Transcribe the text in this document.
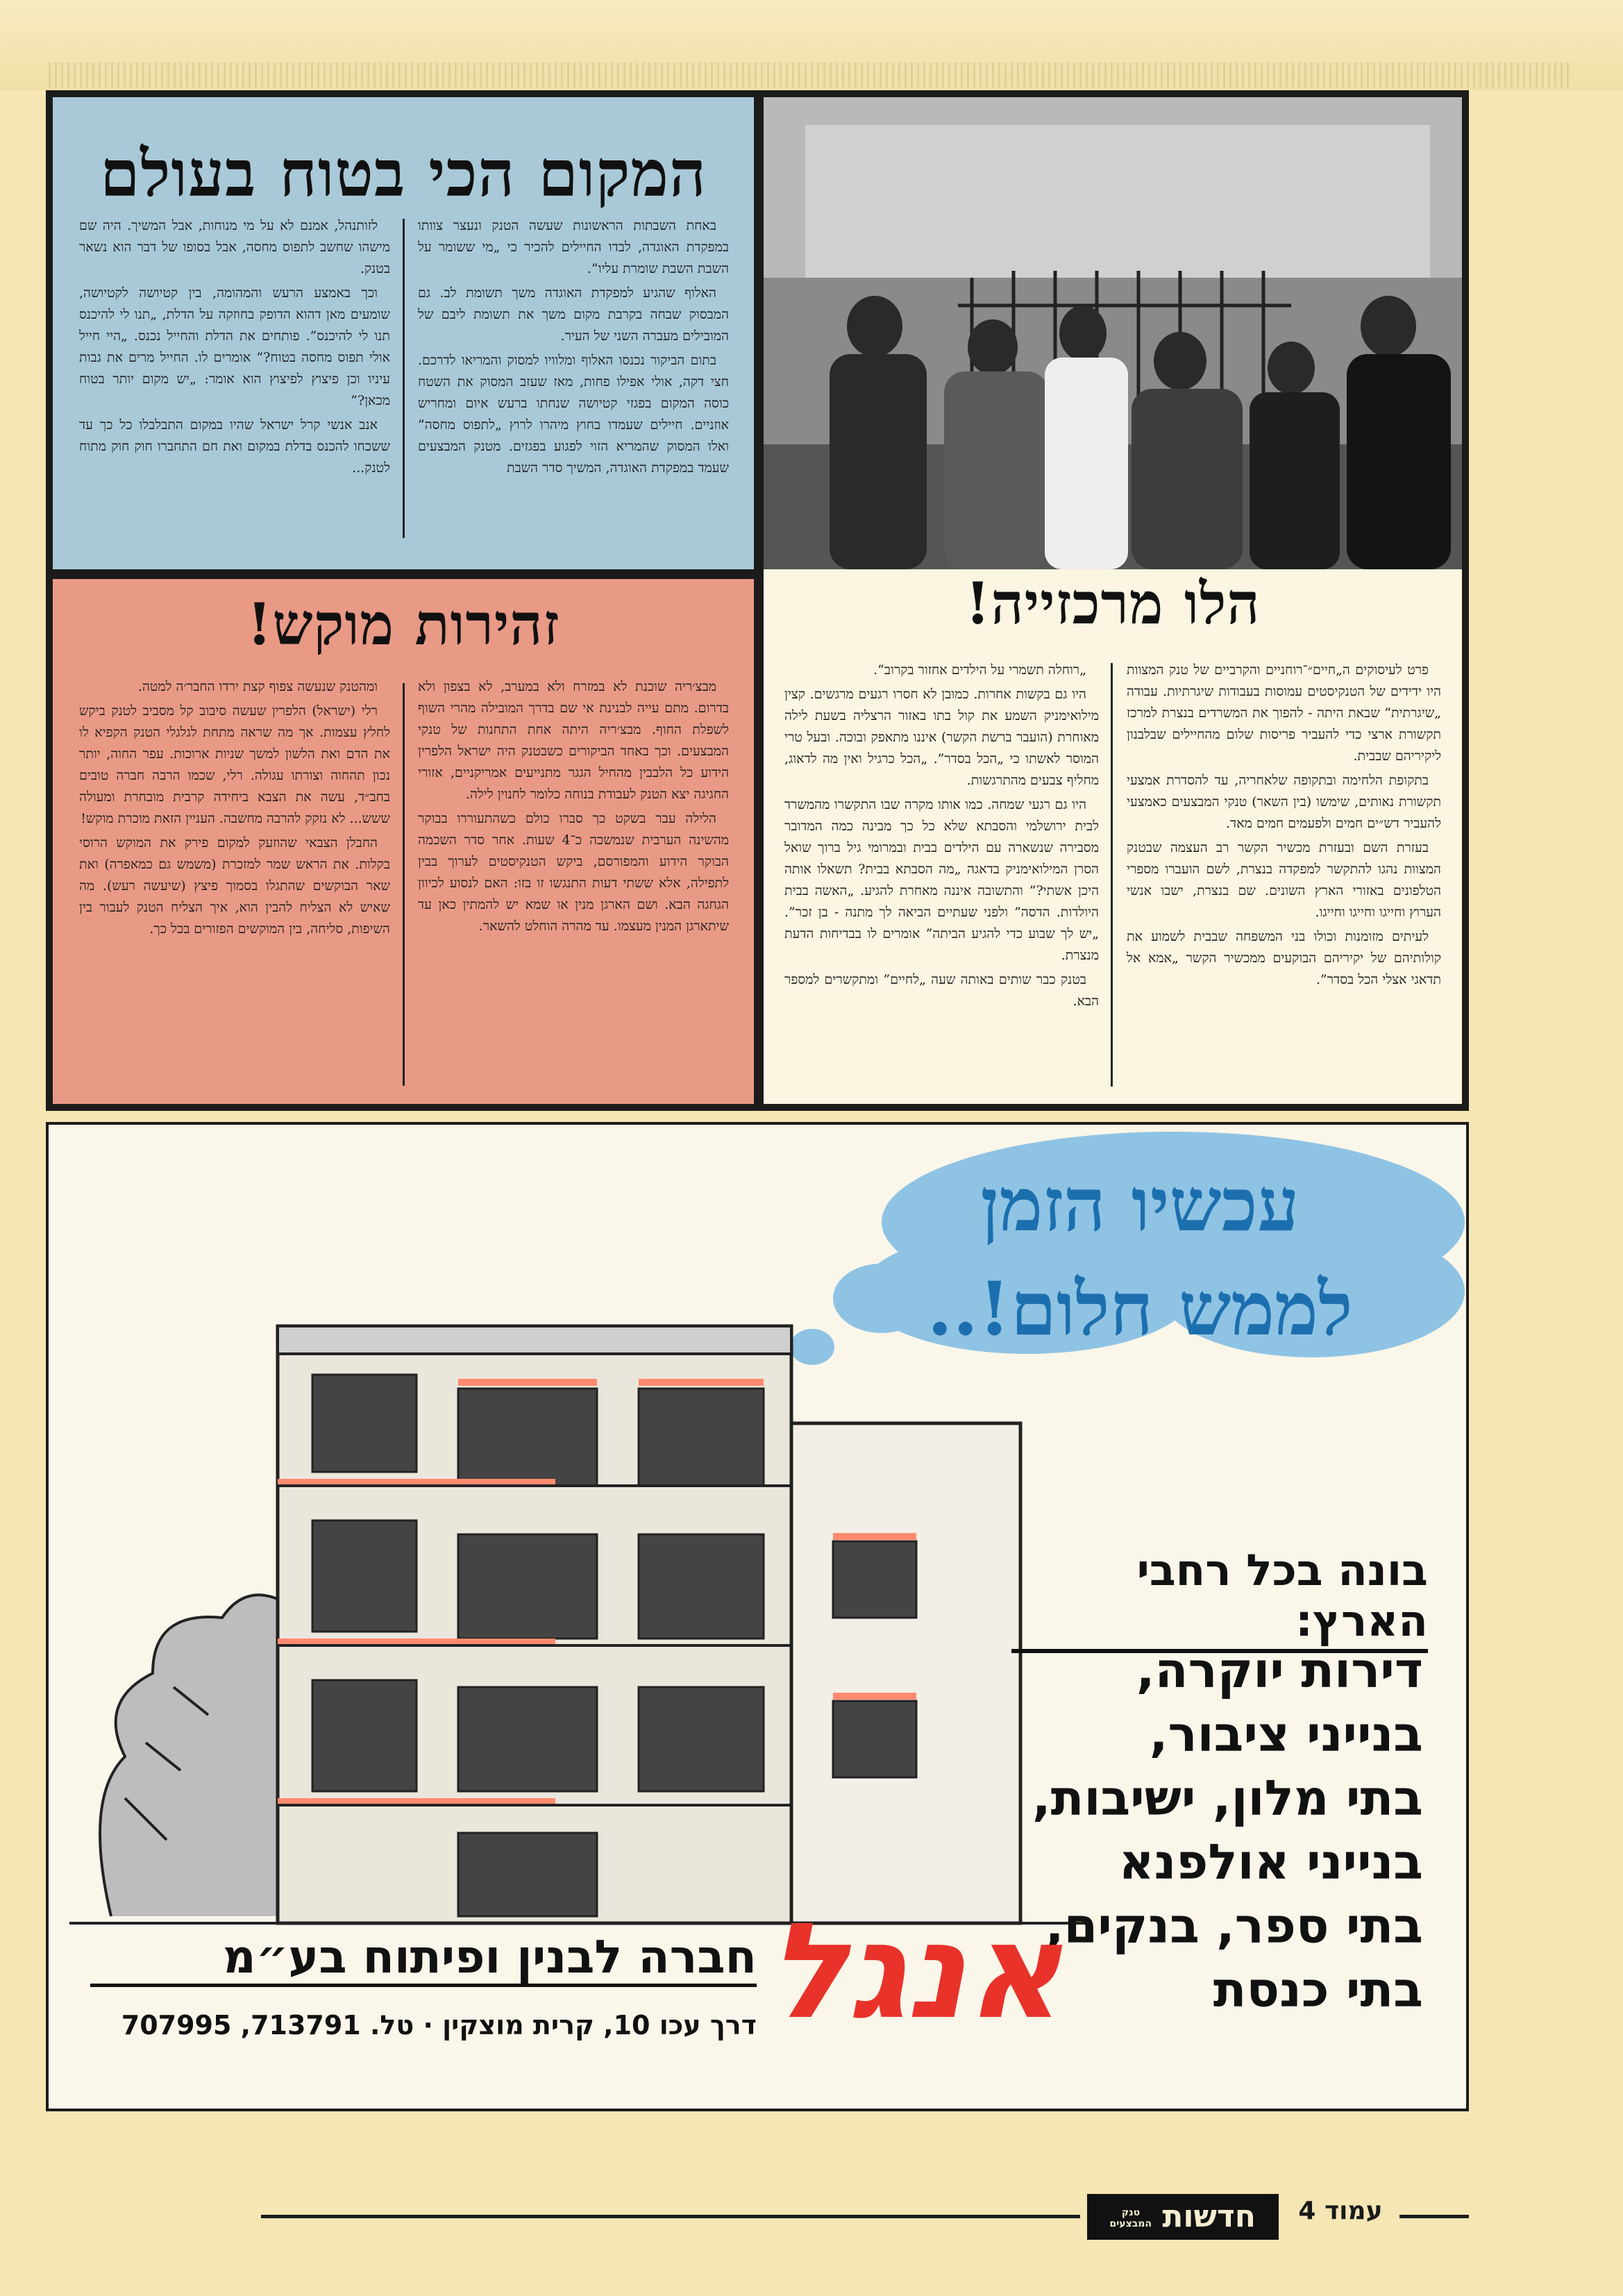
המקום הכי בטוח בעולם

באחת השבתות הראשונות שעשה הטנק ונעצר צוותו במפקדת האוגדה, לבדו החיילים להכיר כי „מי ששומר על השבת השבת שומרת עליו”.

האלוף שהגיע למפקדת האוגדה משך תשומת לב. גם המבסוק שבחה בקרבת מקום משך את תשומת ליבם של המובילים מעברה השני של העיר.

בתום הביקור נכנסו האלוף ומלוויו למסוק והמריאו לדרכם. חצי דקה, אולי אפילו פחות, מאז שעזב המסוק את השטח כוסה המקום בפגזי קטיושה שנחתו ברעש איום ומחריש אוזניים. חיילים שעמדו בחוץ מיהרו לרוץ „לתפוס מחסה” ואלו המסוק שהמריא הזוי לפגוע בפגזים. מטנק המבצעים שעמד במפקדת האוגדה, המשיך סדר השבת

לזותנהל, אמנם לא על מי מנוחות, אבל המשיך. היה שם מישהו שחשב לתפוס מחסה, אבל בסופו של דבר הוא נשאר בטנק.

וכך באמצע הרעש והמהומה, בין קטיושה לקטיושה, שומעים מאן דהוא הדופק בחוזקה על הדלת, „תנו לי להיכנס תנו לי להיכנס”. פותחים את הדלת והחייל נכנס. „היי חייל אולי תפוס מחסה בטוח?” אומרים לו. החייל מרים את גבות עיניו וכן פיצוץ לפיצוץ הוא אומר: „יש מקום יותר בטוח מכאן?”

אנב אנשי קרל ישראל שהיו במקום התבלבלו כל כך עד ששכחו להכנס בדלת במקום ואת חם התחברו חוק חוק מתוח לטנק...

זהירות מוקש!

מבצ׳ריה שוכנת לא במזרח ולא במערב, לא בצפון ולא בדרום. מתם עייה לבנינת אי שם בדרך המובילה מהרי השוף לשפלת החוף. מבצ׳ריה היתה אחת התחנות של טנקי המבצעים. וכך באחד הביקורים כשבטנק היה ישראל הלפרין הידוע כל הלבבין מהחיל הגגר מתנייעים אמריקניים, אזורי החגיגה יצא הטנק לעבודת בנוחה כלומר לחנוין לילה.

הלילה עבר בשקט כך סברו כולם כשהתעוררו בבוקר מהשינה הערבית שנמשכה כ־4 שעות. אחר סדר השכמה הבוקר הידוע והמפורסם, ביקש הטנקיסטים לערוך בבין לתפילה, אלא ששתי דעות התנגשו זו בזו: האם לנסוע לכיוון הגחגה הבא. ושם הארגן מנין או שמא יש להמתין כאן עד שיתארגן המנין מעצמו. עד מהרה הוחלט להשאר.

ומהטנק שנעשה צפוף קצת ירדו החבר׳ה למטה.

רלי (ישראל) הלפרין שעשה סיבוב קל מסביב לטנק ביקש לחלץ עצמות. אך מה שראה מתחת לגלגלי הטנק הקפיא לו את הדם ואת הלשון למשך שניות ארוכות. עפר החוה, יותר נכון תהחוה וצורתו עגולה. רלי, שכמו הרבה חברה טובים בחב״ד, עשה את הצבא ביחידה קרבית מובחרת ומעולה ששש... לא נזקק להרבה מחשבה. העניין הזאת מוכרת מוקש!

החבלן הצבאי שהוזעק למקום פירק את המוקש הרוסי בקלות. את הראש שמר למזכרת (משמש גם כמאפרה) ואת שאר הבוקשים שהתגלו בסמוך פיצץ (שיעשה רעש). מה שאיש לא הצליח להבין הוא, איך הצליח הטנק לעבור בין השיפות, סליחה, בין המוקשים הפזורים בכל כך.

הלו מרכזייה!

פרט לעיסוקים ה„חיים״־רוחניים והקרביים של טנק המצוות היו ידידים של הטנקיסטים עמוסות בעבודות שיגרתיות. עבודה „שיגרתית” שבאת היתה - להפוך את המשרדים בנצרת למרכז תקשורת ארצי כדי להעביר פריסות שלום מהחיילים שבלבנון ליקיריהם שבבית.

בתקופת הלחימה ובתקופה שלאחריה, עד להסדרת אמצעי תקשורת נאותים, שימשו (בין השאר) טנקי המבצעים כאמצעי להעביר דש״ים חמים ולפעמים חמים מאד.

בעזרת השם ובעזרת מכשיר הקשר רב העצמה שבטנק המצוות נהגו להתקשר למפקדה בנצרת, לשם הועברו מספרי הטלפונים באזורי הארץ השונים. שם בנצרת, ישבו אנשי הערוץ וחייגו וחייגו וחייגו.

לעיתים מזומנות וכולו בני המשפחה שבבית לשמוע את קולותיהם של יקיריהם הבוקעים ממכשיר הקשר „אמא אל תדאגי אצלי הכל בסדר”.

„רוחלה תשמרי על הילדים אחזור בקרוב”.

היו גם בקשות אחרות. כמובן לא חסרו רגעים מרגשים. קצין מילואימניק השמע את קול בתו באזור הרצליה בשעת לילה מאוחרת (הועבר ברשת הקשר) איננו מתאפק ובוכה. ובעל טרי המוסר לאשתו כי „הכל בסדר”. „הכל כרגיל ואין מה לדאוג, מחליף צבעים מהתרגשות.

היו גם רגעי שמחה. כמו אותו מקרה שבו התקשרו מהמשרד לבית ירושלמי והסבתא שלא כל כך מבינה כמה המדובר מסבירה שנשארה עם הילדים בבית ובמרומי גיל ברוך שואל הסרן המילואימניק בדאגה „מה הסבתא בבית? תשאלו אותה היכן אשתי?” והתשובה איננה מאחרת להגיע. „האשה בבית היולדות. הדסה” ולפני שעתיים הביאה לך מתנה - בן זכר”. „יש לך שבוע כדי להגיע הביתה” אומרים לו בבדיחות הדעת מנצרת.

בטנק כבר שותים באותה שעה „לחיים” ומתקשרים למספר הבא.

עכשיו הזמן
לממש חלום!..
בונה בכל רחבי הארץ:
דירות יוקרה,
בנייני ציבור,
בתי מלון, ישיבות,
בנייני אולפנא
בתי ספר, בנקים,
בתי כנסת
אנגל
חברה לבנין ופיתוח בע״מ
דרך עכו 10, קרית מוצקין · טל. 713791, 707995
חדשות טנק המבצעים	עמוד 4
